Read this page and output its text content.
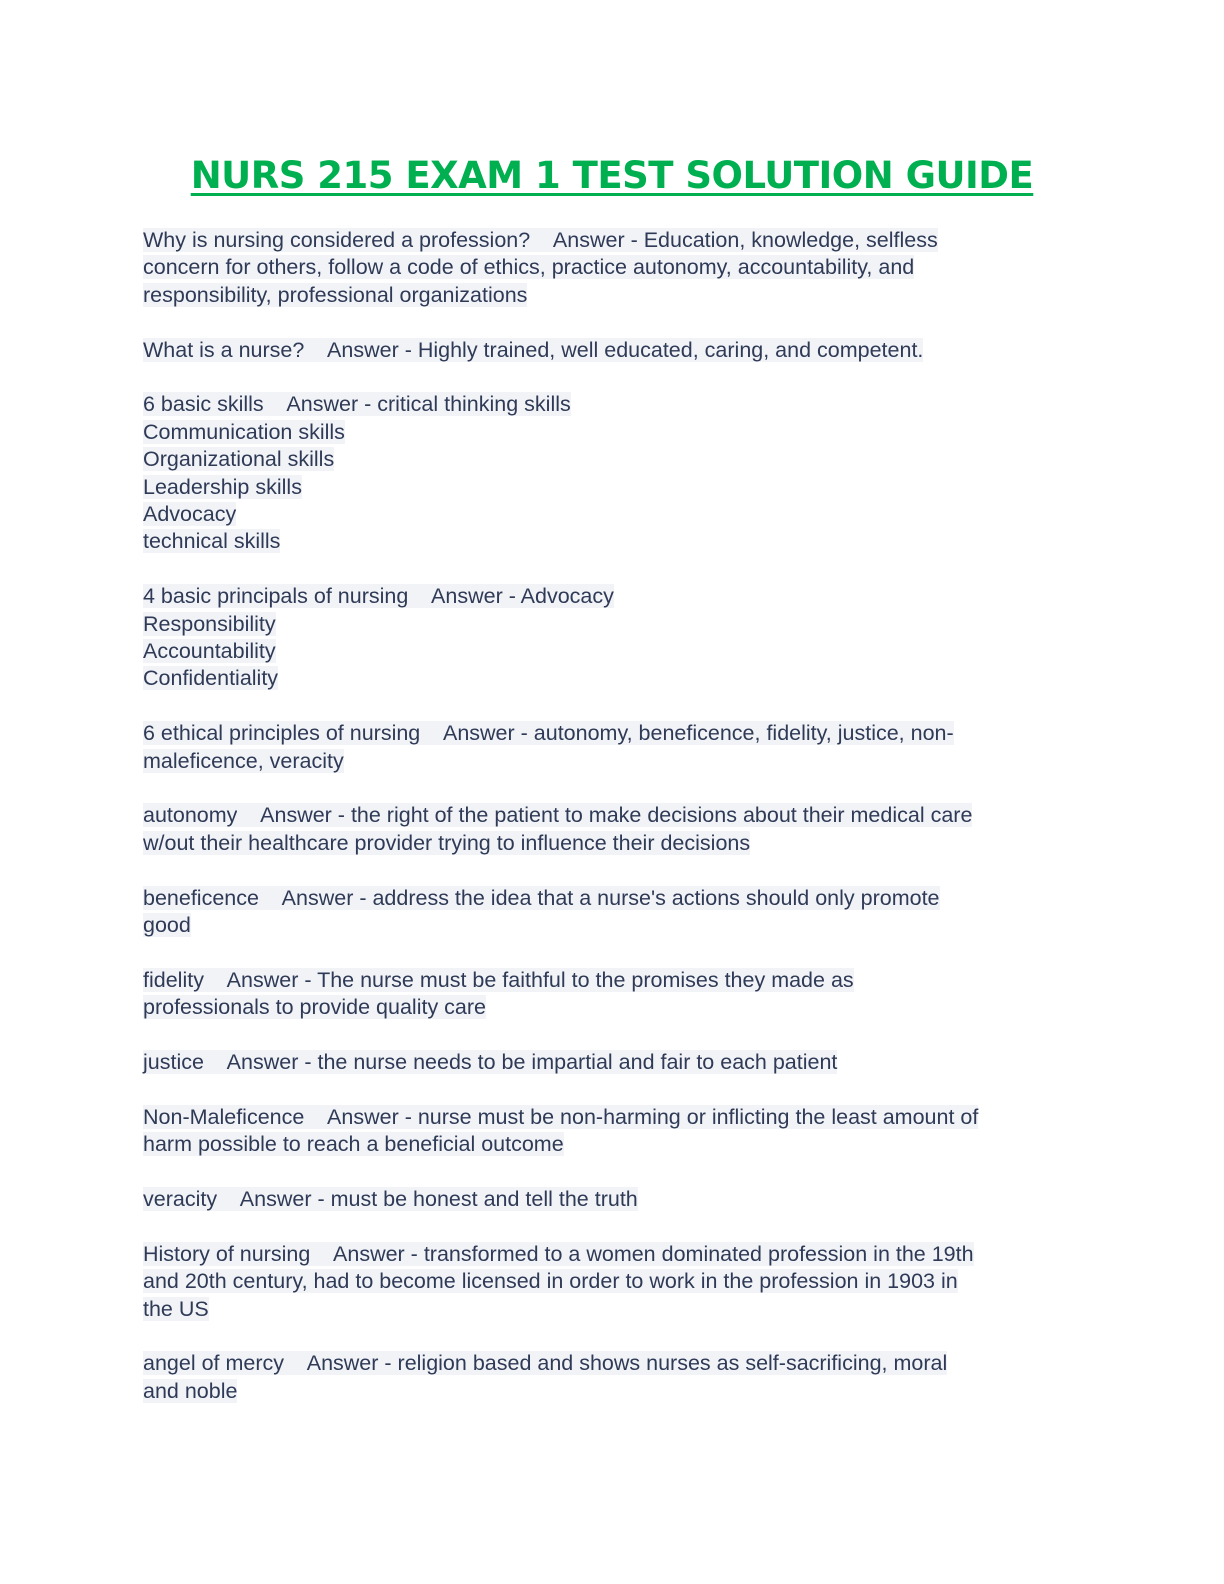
NURS 215 EXAM 1 TEST SOLUTION GUIDE
Why is nursing considered a profession? Answer - Education, knowledge, selfless
concern for others, follow a code of ethics, practice autonomy, accountability, and
responsibility, professional organizations
What is a nurse? Answer - Highly trained, well educated, caring, and competent.
6 basic skills Answer - critical thinking skills
Communication skills
Organizational skills
Leadership skills
Advocacy
technical skills
4 basic principals of nursing Answer - Advocacy
Responsibility
Accountability
Confidentiality
6 ethical principles of nursing Answer - autonomy, beneficence, fidelity, justice, non-
maleficence, veracity
autonomy Answer - the right of the patient to make decisions about their medical care
w/out their healthcare provider trying to influence their decisions
beneficence Answer - address the idea that a nurse's actions should only promote
good
fidelity Answer - The nurse must be faithful to the promises they made as
professionals to provide quality care
justice Answer - the nurse needs to be impartial and fair to each patient
Non-Maleficence Answer - nurse must be non-harming or inflicting the least amount of
harm possible to reach a beneficial outcome
veracity Answer - must be honest and tell the truth
History of nursing Answer - transformed to a women dominated profession in the 19th
and 20th century, had to become licensed in order to work in the profession in 1903 in
the US
angel of mercy Answer - religion based and shows nurses as self-sacrificing, moral
and noble
